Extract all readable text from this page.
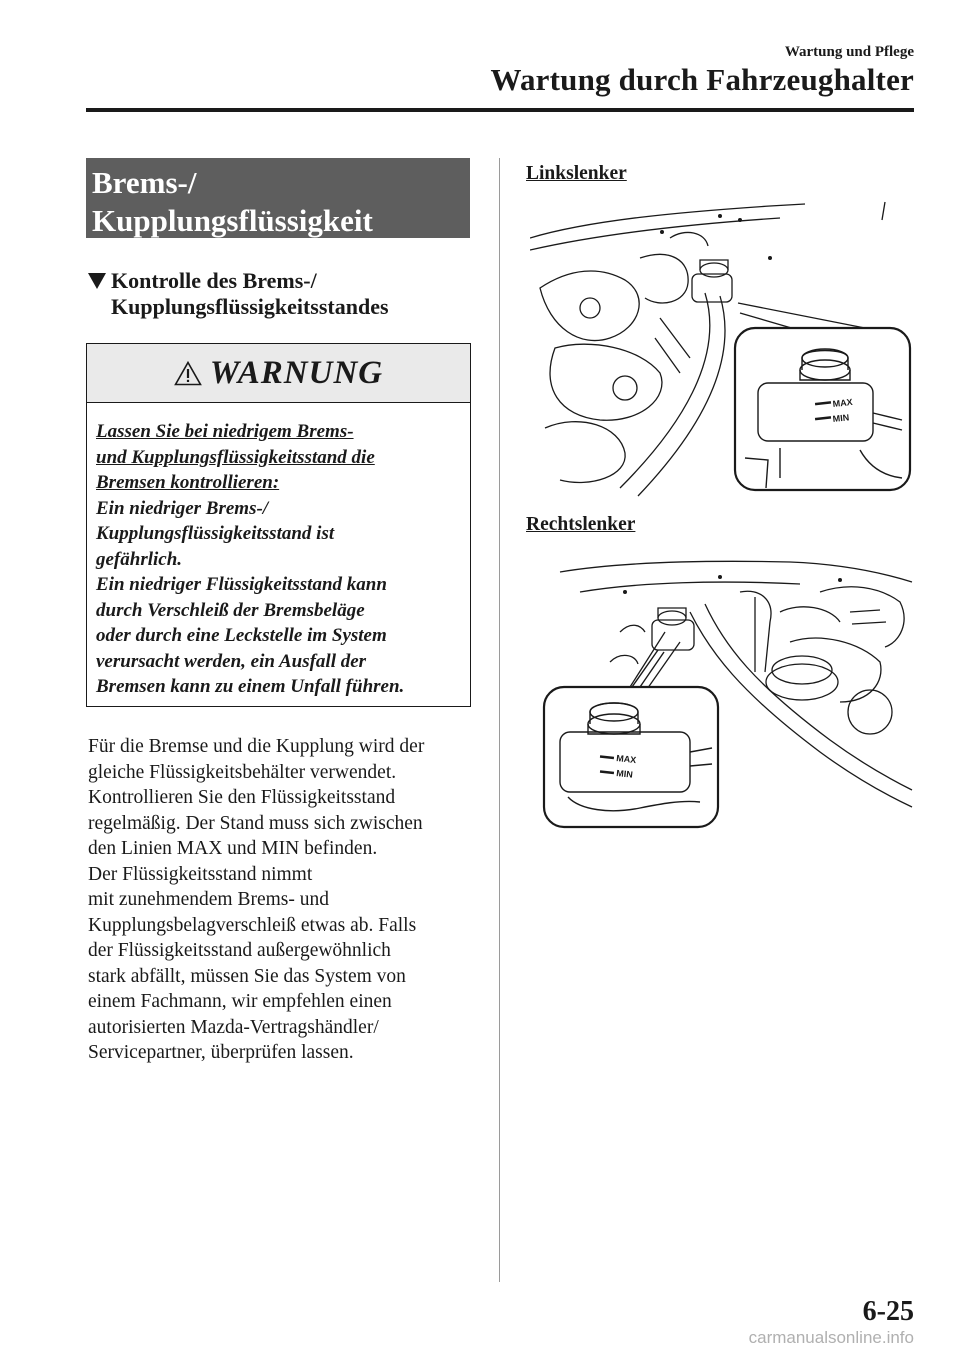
Wartung und Pflege
Wartung durch Fahrzeughalter
Brems-/
Kupplungsflüssigkeit
Kontrolle des Brems-/
Kupplungsflüssigkeitsstandes
WARNUNG
Lassen Sie bei niedrigem Brems-
und Kupplungsflüssigkeitsstand die
Bremsen kontrollieren:
Ein niedriger Brems-/
Kupplungsflüssigkeitsstand ist
gefährlich.
Ein niedriger Flüssigkeitsstand kann
durch Verschleiß der Bremsbeläge
oder durch eine Leckstelle im System
verursacht werden, ein Ausfall der
Bremsen kann zu einem Unfall führen.
Für die Bremse und die Kupplung wird der
gleiche Flüssigkeitsbehälter verwendet.
Kontrollieren Sie den Flüssigkeitsstand
regelmäßig. Der Stand muss sich zwischen
den Linien MAX und MIN befinden.
Der Flüssigkeitsstand nimmt
mit zunehmendem Brems- und
Kupplungsbelagverschleiß etwas ab. Falls
der Flüssigkeitsstand außergewöhnlich
stark abfällt, müssen Sie das System von
einem Fachmann, wir empfehlen einen
autorisierten Mazda-Vertragshändler/
Servicepartner, überprüfen lassen.
Linkslenker
MAX
MIN
Rechtslenker
MAX
MIN
6-25
carmanualsonline.info
